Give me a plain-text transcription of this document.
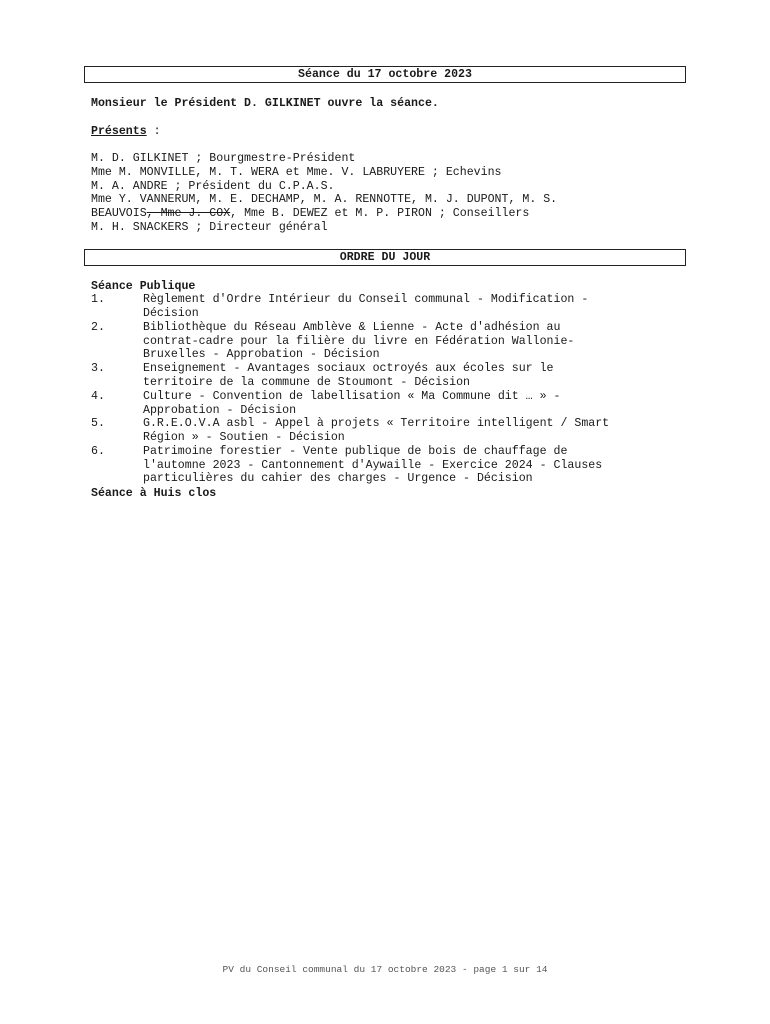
Séance du 17 octobre 2023
Monsieur le Président D. GILKINET ouvre la séance.
Présents :
M. D. GILKINET ; Bourgmestre-Président
Mme M. MONVILLE, M. T. WERA et Mme. V. LABRUYERE ; Echevins
M. A. ANDRE ; Président du C.P.A.S.
Mme Y. VANNERUM, M. E. DECHAMP, M. A. RENNOTTE, M. J. DUPONT, M. S.
BEAUVOIS, Mme J. COX, Mme B. DEWEZ et M. P. PIRON ; Conseillers
M. H. SNACKERS ; Directeur général
ORDRE DU JOUR
Séance Publique
1.	Règlement d'Ordre Intérieur du Conseil communal - Modification -
Décision
2.	Bibliothèque du Réseau Amblève & Lienne - Acte d'adhésion au
contrat-cadre pour la filière du livre en Fédération Wallonie-
Bruxelles - Approbation - Décision
3.	Enseignement - Avantages sociaux octroyés aux écoles sur le
territoire de la commune de Stoumont - Décision
4.	Culture - Convention de labellisation « Ma Commune dit … » -
Approbation - Décision
5.	G.R.E.O.V.A asbl - Appel à projets « Territoire intelligent / Smart
Région » - Soutien - Décision
6.	Patrimoine forestier - Vente publique de bois de chauffage de
l'automne 2023 - Cantonnement d'Aywaille - Exercice 2024 - Clauses
particulières du cahier des charges - Urgence - Décision
Séance à Huis clos
PV du Conseil communal du 17 octobre 2023 - page 1 sur 14
